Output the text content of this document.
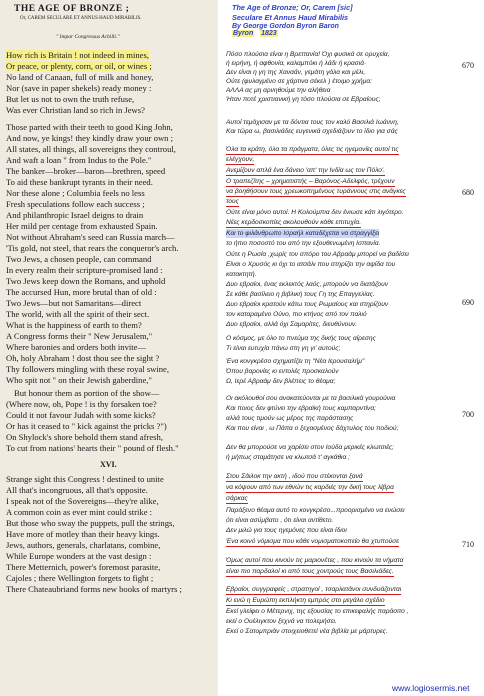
THE AGE OF BRONZE ;
Or, CAREM SECULARE ET ANNUS HAUD MIRABILIS.
" Impar Congressus Achilli."
How rich is Britain ! not indeed in mines,
Or peace, or plenty, corn, or oil, or wines ;
No land of Canaan, full of milk and honey,
Nor (save in paper shekels) ready money :
But let us not to own the truth refuse,
Was ever Christian land so rich in Jews?
670
Those parted with their teeth to good King John,
And now, ye kings! they kindly draw your own ;
All states, all things, all sovereigns they controul,
And waft a loan " from Indus to the Pole."
The banker—broker—baron—brethren, speed
To aid these bankrupt tyrants in their need.
Nor these alone ; Columbia feels no less	680
Fresh speculations follow each success ;
And philanthropic Israel deigns to drain
Her mild per centage from exhausted Spain.
Not without Abraham's seed can Russia march—
'Tis gold, not steel, that rears the conqueror's arch.
Two Jews, a chosen people, can command
In every realm their scripture-promised land :
Two Jews keep down the Romans, and uphold
The accursed Hun, more brutal than of old :
Two Jews—but not Samaritans—direct	690
The world, with all the spirit of their sect.
What is the happiness of earth to them?
A Congress forms their " New Jerusalem,"
Where baronies and orders both invite—
Oh, holy Abraham ! dost thou see the sight ?
Thy followers mingling with these royal swine,
Who spit not " on their Jewish gaberdine,"
But honour them as portion of the show—
(Where now, oh, Pope ! is thy forsaken toe?
Could it not favour Judah with some kicks?	700
Or has it ceased to " kick against the pricks ?")
On Shylock's shore behold them stand afresh,
To cut from nations' hearts their " pound of flesh."
XVI.
Strange sight this Congress ! destined to unite
All that's incongruous, all that's opposite.
I speak not of the Sovereigns—they're alike,
A common coin as ever mint could strike :
But those who sway the puppets, pull the strings,
Have more of motley than their heavy kings.
Jews, authors, generals, charlatans, combine,	710
While Europe wonders at the vast design :
There Metternich, power's foremost parasite,
Cajoles ; there Wellington forgets to fight ;
There Chateaubriand forms new books of martyrs ;
The Age of Bronze; Or, Carem [sic]
Seculare Et Annus Haud Mirabilis
By George Gordon Byron Baron
Byron 1823
Πόσο πλούσια είναι η Βρεττανία! Όχι φυσικά σε ορυχεία,
ή ειρήνη, ή αφθονία, καλαμπόκι ή λάδι ή κρασιά·
Δεν είναι η γη της Χαναάν, γεμάτη γάλα και μέλι,
Ούτε (φυλαγμένο σε χάρτινα σέκελ ) έτοιμο χρήμα:
ΑΛΛΑ ας μη αρνηθούμε την αλήθεια
Ήταν ποτέ χριστιανική γη τόσο πλούσια σε Εβραίους;
Αυτοί τεμάχισαν με τα δόντια τους τον καλό Βασιλιά Ιωάννη,
Και τώρα ω, βασιλιάδες ευγενικά σχεδιάζουν το ίδιο για σάς
Όλα τα κράτη, όλα τα πράγματα, όλες τις ηγεμονίες αυτοί τις
ελέγχουν,
Ανεμίζουν απλά ένα δάνειο 'απ' την Ινδία ως τον Πόλο'.
Ο τραπεζίτης – χρηματιστής – Βαρόνος-Αδελφός, τρέχουν
να βοηθήσουν τους χρεωκοπημένους τυράννους στις ανάγκες
τους
Ούτε είναι μόνο αυτοί. Η Κολούμπια δεν ένιωσε κάτι λιγότερο.
Νέες κερδοσκοπίες ακολουθούν κάθε επιτυχία.
Και το φιλάνθρωπο Ισραήλ καταδέχεται να στραγγίξει
το ήπιο ποσοστό του από την εξουθενωμένη Ισπανία.
Ούτε η Ρωσία ,χωρίς τον σπόρο του Αβραάμ μπορεί να βαδίσει
Είναι ο Χρυσός κι όχι το ατσάλι που στηρίζει την αψίδα του
κατακτητή.
Δυο εβραίοι, ένας εκλεκτός λαός, μπορούν να διατάζουν
Σε κάθε βασίλειο η βιβλική τους Γη της Επαγγελίας.
Δυο εβραίοι κρατούν κάτω τους Ρωμαίους και στηρίζουν
τον καταραμένο Ούνο, πιο κτήνος από τον παλιό
Δυο εβραίοι, αλλά όχι Σαμαρίτες, διευθύνουν.
Ο κόσμος, με όλο το πνεύμα της δικής τους αίρεσης
Τι είναι ευτυχία πάνω στη γη γι' αυτούς;
Ένα κονγκρέσο σχηματίζει τη "Νέα Ιερουσαλήμ"
Όπου βαρονίες κι εντολές προσκαλούν
Ω, Ιερέ Αβραάμ δεν βλέπεις το θέαμα;
Οι ακόλουθοί σου ανακατεύονται με τα βασιλικά γουρούνια
Και ποιος δεν φτύνει την εβραϊκή τους καμπαρντίνα;
αλλά τους τιμούν ως μέρος της παράστασης
Και που είναι , ω Πάπα ο ξεχασμένος δάχτυλος του ποδιού;
Δεν θα μπορούσε να χαρίσει στον Ιούδα μερικές κλωτσιές;
ή μήπως σταμάτησε να κλωτσά τ' αγκάθια ;
Στου Σάιλοκ την ακτή , ιδού που στέκονται ξανά
να κόψουν από των εθνών τις καρδιές την δική τους λίβρα
σάρκας
Παράξενο θέαμα αυτό το κονγκρέσο...προορισμένο να ενώσει
ότι είναι ασύμβατο , ότι είναι αντίθετο.
Δεν μιλώ για τους ηγεμόνες που είναι ίδιοι
Ένα κοινό νόμισμα που κάθε νομισματοκοπείο θα χτυπούσε
Όμως αυτοί που κινούν τις μαριονέτες , που κινούν τα νήματα
είναι πιο παρδαλοί κι από τους χοντρούς τους Βασιλιάδες.
Εβραίοι, συγγραφείς , στρατηγοί , τσαρλατάνοι συνδυάζονται
Κι ενώ η Ευρώπη εκπλήκτη εμπρός στο μεγάλο σχέδιο
Εκεί γλείφει ο Μέτερνιχ, της εξουσίας το επικεφαλής παράσιτο ,
εκεί ο Ουέλιγκτον ξεχνά να πολεμήσει.
Εκεί ο Σατομπριάν στοιχειοθετεί νέα βιβλία με μάρτυρες.
www.logiosermis.net
